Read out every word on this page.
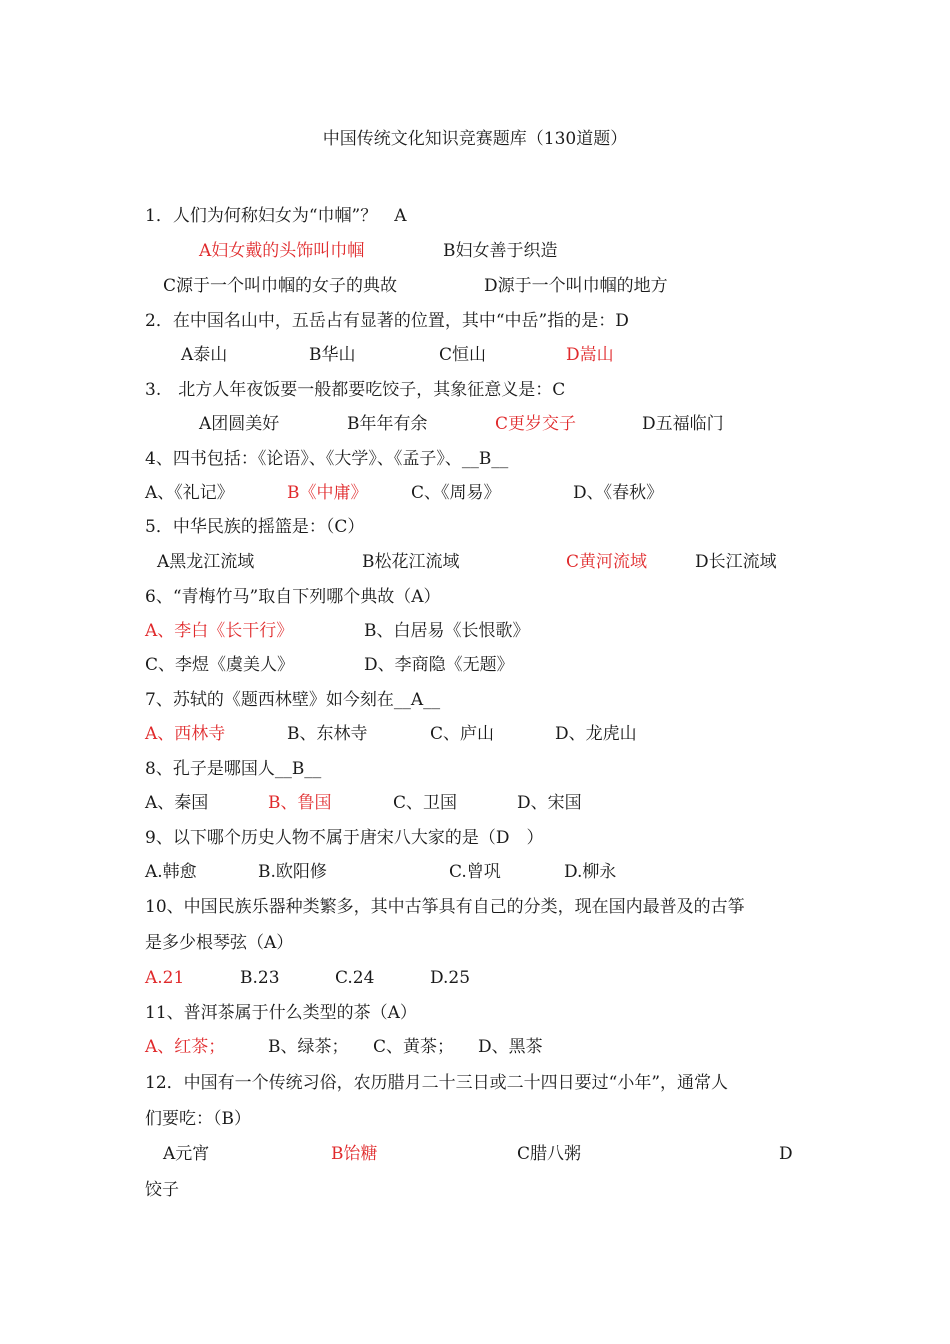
中国传统文化知识竞赛题库（130道题）
1．人们为何称妇女为“巾帼”？　A
A妇女戴的头饰叫巾帼	B妇女善于织造
C源于一个叫巾帼的女子的典故	D源于一个叫巾帼的地方
2．在中国名山中，五岳占有显著的位置，其中“中岳”指的是：D
A泰山	B华山	C恒山	D嵩山
3.　北方人年夜饭要一般都要吃饺子，其象征意义是：C
A团圆美好	B年年有余	C更岁交子	D五福临门
4、四书包括：《论语》、《大学》、《孟子》、__B__
A、《礼记》	B《中庸》	C、《周易》	D、《春秋》
5．中华民族的摇篮是：（C）
A黑龙江流域	B松花江流域	C黄河流域	D长江流域
6、“青梅竹马”取自下列哪个典故（A）
A、李白《长干行》	B、白居易《长恨歌》
C、李煜《虞美人》	D、李商隐《无题》
7、苏轼的《题西林壁》如今刻在__A__
A、西林寺	B、东林寺	C、庐山	D、龙虎山
8、孔子是哪国人__B__
A、秦国	B、鲁国	C、卫国	D、宋国
9、以下哪个历史人物不属于唐宋八大家的是（D　）
A.韩愈	B.欧阳修	C.曾巩	D.柳永
10、中国民族乐器种类繁多，其中古筝具有自己的分类，现在国内最普及的古筝
是多少根琴弦（A）
A.21	B.23	C.24	D.25
11、普洱茶属于什么类型的茶（A）
A、红茶；	B、绿茶； C、黄茶； D、黑茶
12．中国有一个传统习俗，农历腊月二十三日或二十四日要过“小年”，通常人
们要吃：（B）
A元宵	B饴糖	C腊八粥	D
饺子
